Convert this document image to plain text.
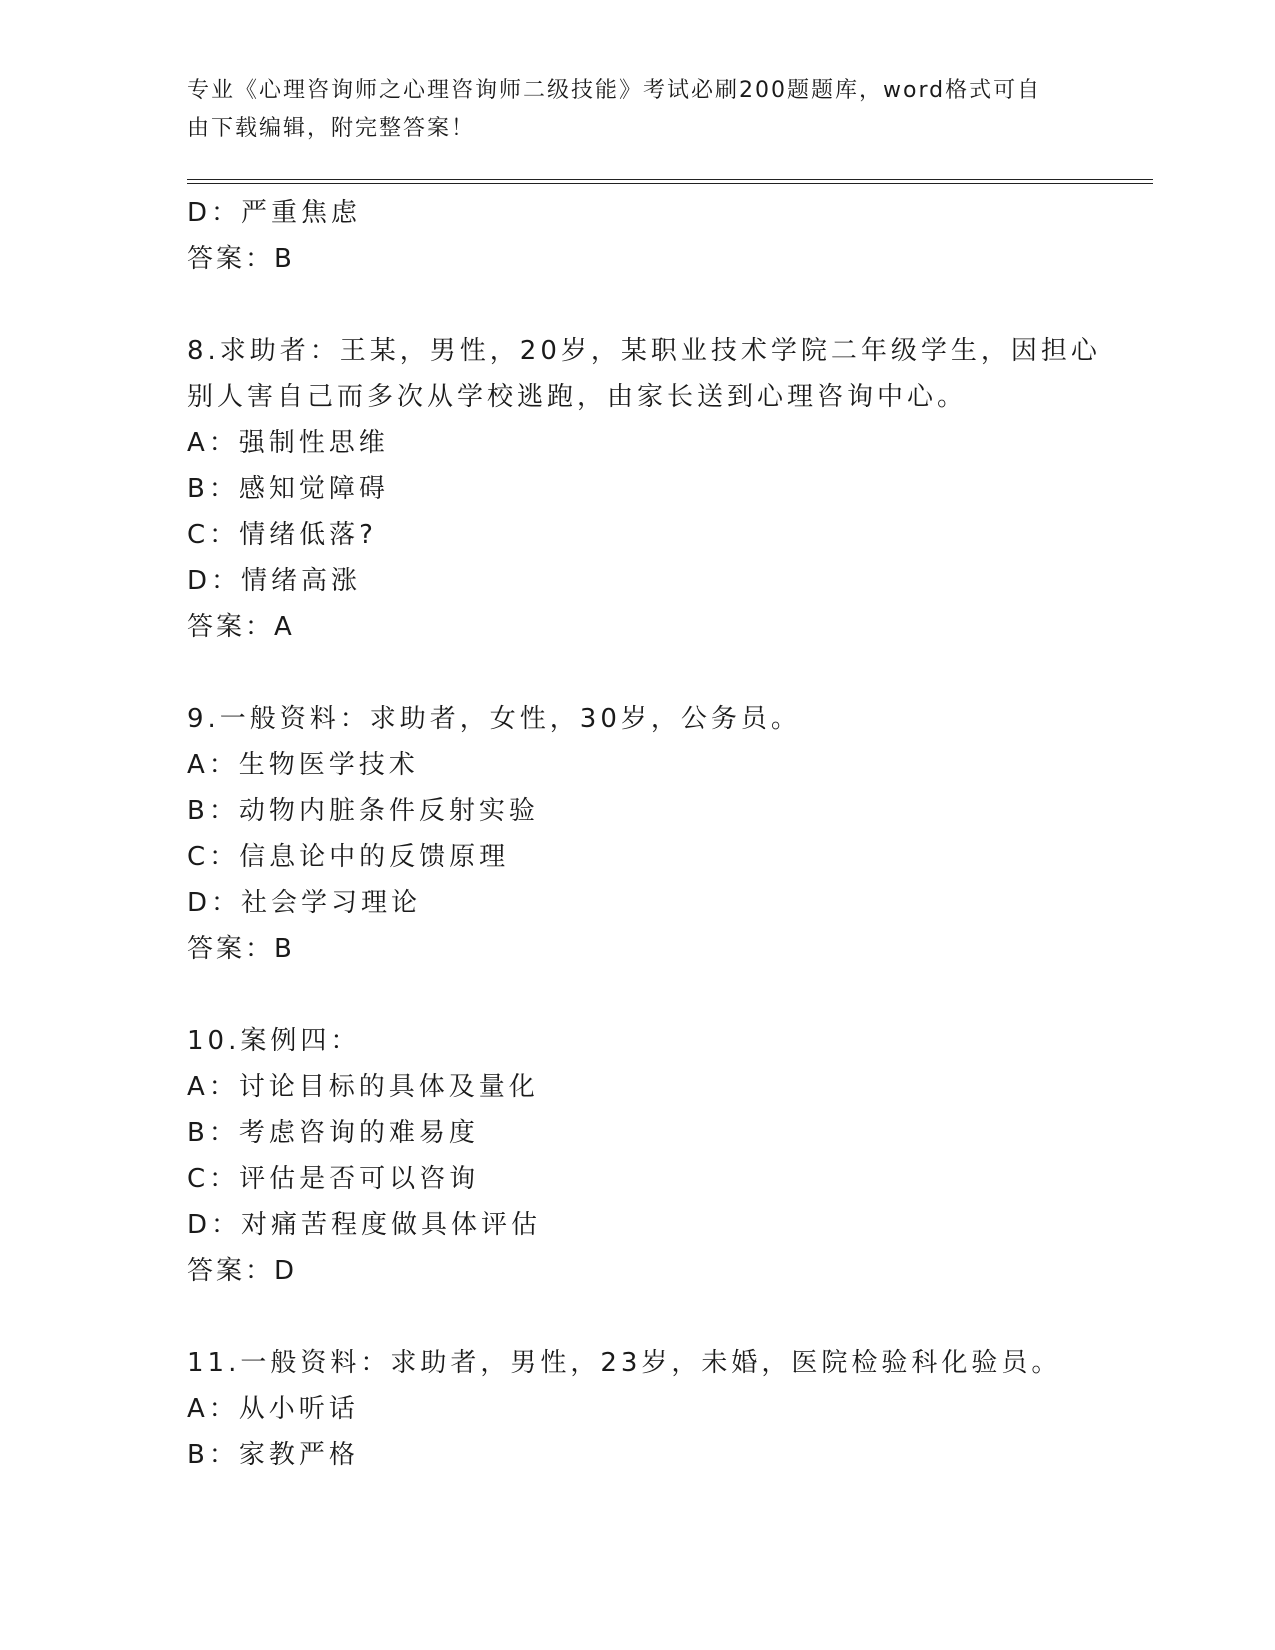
专业《心理咨询师之心理咨询师二级技能》考试必刷200题题库，word格式可自
由下载编辑，附完整答案！
D：严重焦虑
答案：B
8.求助者：王某，男性，20岁，某职业技术学院二年级学生，因担心
别人害自己而多次从学校逃跑，由家长送到心理咨询中心。
A：强制性思维
B：感知觉障碍
C：情绪低落?
D：情绪高涨
答案：A
9.一般资料：求助者，女性，30岁，公务员。
A：生物医学技术
B：动物内脏条件反射实验
C：信息论中的反馈原理
D：社会学习理论
答案：B
10.案例四：
A：讨论目标的具体及量化
B：考虑咨询的难易度
C：评估是否可以咨询
D：对痛苦程度做具体评估
答案：D
11.一般资料：求助者，男性，23岁，未婚，医院检验科化验员。
A：从小听话
B：家教严格
